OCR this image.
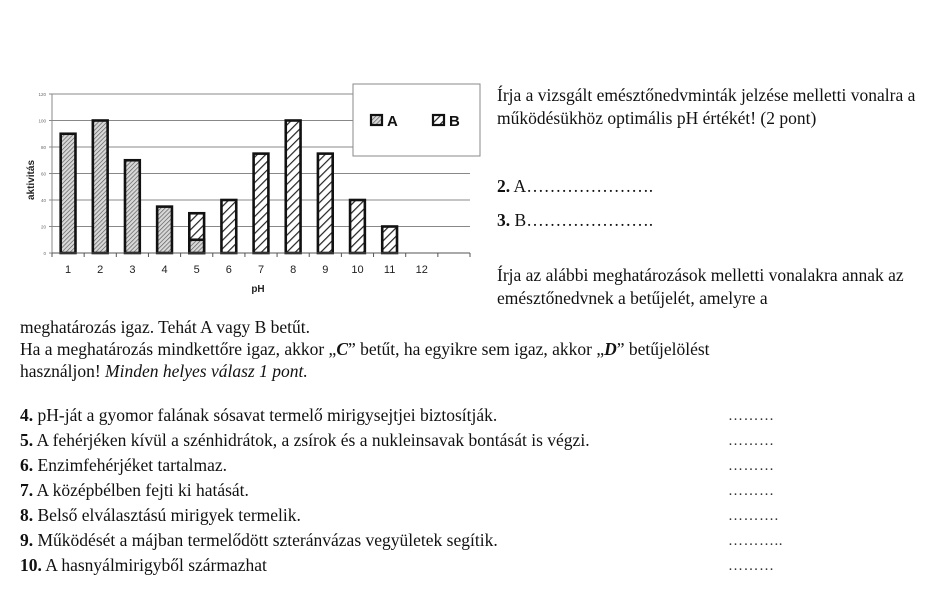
0
20
40
60
80
100
120
1 2 3 4 5 6 7 8 9 10 11 12
aktivitás
pH
A	B
Írja a vizsgált emésztőnedvminták jelzése melletti vonalra a működésükhöz optimális pH értékét! (2 pont)
2. A………………….
3. B………………….
Írja az alábbi meghatározások melletti vonalakra annak az emésztőnedvnek a betűjelét, amelyre a
meghatározás igaz. Tehát A vagy B betűt.
Ha a meghatározás mindkettőre igaz, akkor „C” betűt, ha egyikre sem igaz, akkor „D” betűjelölést
használjon! Minden helyes válasz 1 pont.
4. pH-ját a gyomor falának sósavat termelő mirigysejtjei biztosítják.	………
5. A fehérjéken kívül a szénhidrátok, a zsírok és a nukleinsavak bontását is végzi.	………
6. Enzimfehérjéket tartalmaz.	………
7. A középbélben fejti ki hatását.	………
8. Belső elválasztású mirigyek termelik.	……….
9. Működését a májban termelődött szteránvázas vegyületek segítik.	………..
10. A hasnyálmirigyből származhat	………
